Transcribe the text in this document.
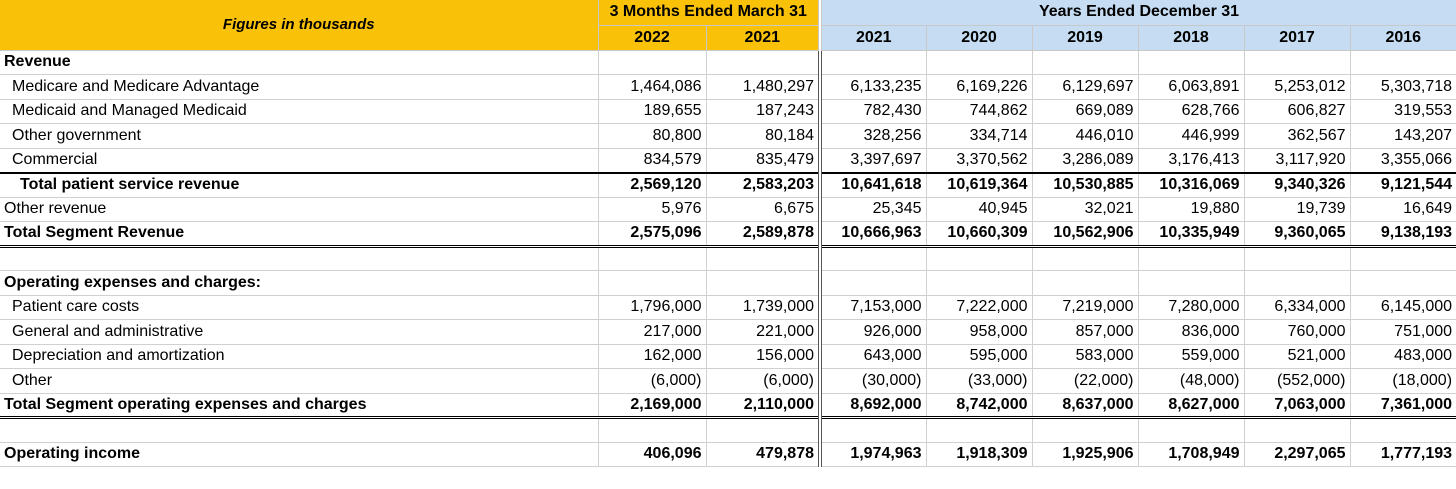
Figures in thousands	3 Months Ended March 31		Years Ended December 31					
	2022	2021	2021	2020	2019	2018	2017	2016
Revenue								
Medicare and Medicare Advantage	1,464,086	1,480,297	6,133,235	6,169,226	6,129,697	6,063,891	5,253,012	5,303,718
Medicaid and Managed Medicaid	189,655	187,243	782,430	744,862	669,089	628,766	606,827	319,553
Other government	80,800	80,184	328,256	334,714	446,010	446,999	362,567	143,207
Commercial	834,579	835,479	3,397,697	3,370,562	3,286,089	3,176,413	3,117,920	3,355,066
Total patient service revenue	2,569,120	2,583,203	10,641,618	10,619,364	10,530,885	10,316,069	9,340,326	9,121,544
Other revenue	5,976	6,675	25,345	40,945	32,021	19,880	19,739	16,649
Total Segment Revenue	2,575,096	2,589,878	10,666,963	10,660,309	10,562,906	10,335,949	9,360,065	9,138,193

Operating expenses and charges:								
Patient care costs	1,796,000	1,739,000	7,153,000	7,222,000	7,219,000	7,280,000	6,334,000	6,145,000
General and administrative	217,000	221,000	926,000	958,000	857,000	836,000	760,000	751,000
Depreciation and amortization	162,000	156,000	643,000	595,000	583,000	559,000	521,000	483,000
Other	(6,000)	(6,000)	(30,000)	(33,000)	(22,000)	(48,000)	(552,000)	(18,000)
Total Segment operating expenses and charges	2,169,000	2,110,000	8,692,000	8,742,000	8,637,000	8,627,000	7,063,000	7,361,000

Operating income	406,096	479,878	1,974,963	1,918,309	1,925,906	1,708,949	2,297,065	1,777,193
